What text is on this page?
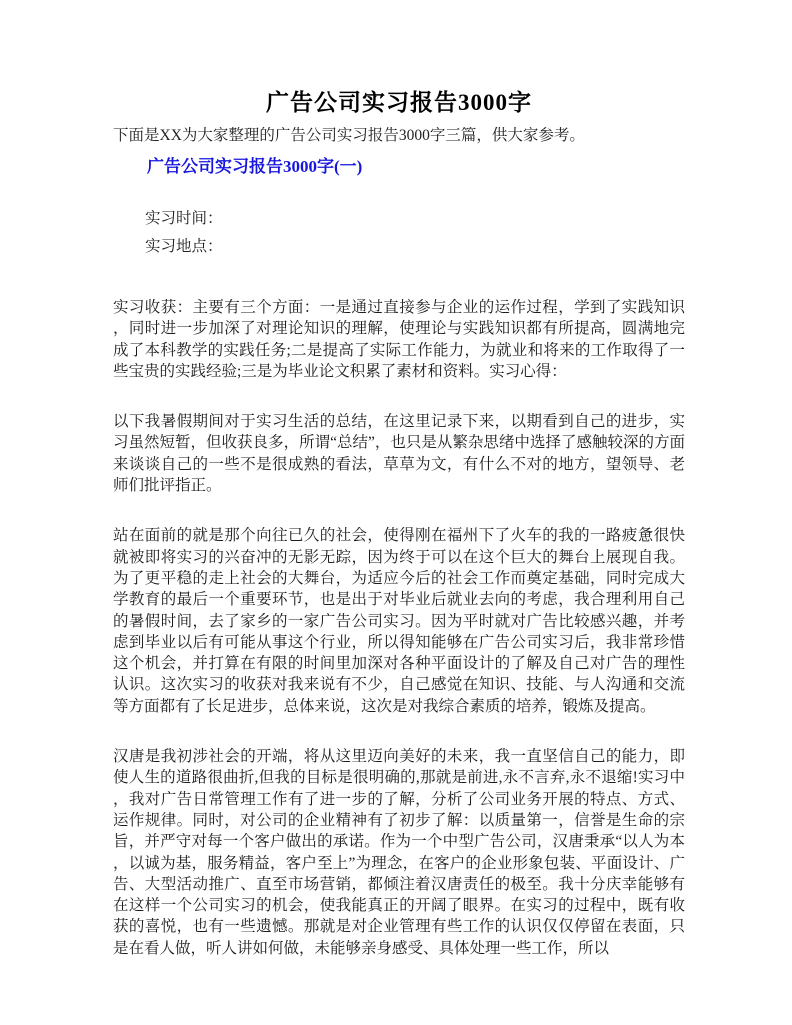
广告公司实习报告3000字

下面是XX为大家整理的广告公司实习报告3000字三篇，供大家参考。

广告公司实习报告3000字(一)

实习时间：

实习地点：

实习收获：主要有三个方面：一是通过直接参与企业的运作过程，学到了实践知识，同时进一步加深了对理论知识的理解，使理论与实践知识都有所提高，圆满地完成了本科教学的实践任务;二是提高了实际工作能力，为就业和将来的工作取得了一些宝贵的实践经验;三是为毕业论文积累了素材和资料。实习心得：

以下我暑假期间对于实习生活的总结，在这里记录下来，以期看到自己的进步，实习虽然短暂，但收获良多，所谓“总结”，也只是从繁杂思绪中选择了感触较深的方面来谈谈自己的一些不是很成熟的看法，草草为文，有什么不对的地方，望领导、老师们批评指正。

站在面前的就是那个向往已久的社会，使得刚在福州下了火车的我的一路疲惫很快就被即将实习的兴奋冲的无影无踪，因为终于可以在这个巨大的舞台上展现自我。为了更平稳的走上社会的大舞台，为适应今后的社会工作而奠定基础，同时完成大学教育的最后一个重要环节，也是出于对毕业后就业去向的考虑，我合理利用自己的暑假时间，去了家乡的一家广告公司实习。因为平时就对广告比较感兴趣，并考虑到毕业以后有可能从事这个行业，所以得知能够在广告公司实习后，我非常珍惜这个机会，并打算在有限的时间里加深对各种平面设计的了解及自己对广告的理性认识。这次实习的收获对我来说有不少，自己感觉在知识、技能、与人沟通和交流等方面都有了长足进步，总体来说，这次是对我综合素质的培养，锻炼及提高。

汉唐是我初涉社会的开端，将从这里迈向美好的未来，我一直坚信自己的能力，即使人生的道路很曲折,但我的目标是很明确的,那就是前进,永不言弃,永不退缩!实习中，我对广告日常管理工作有了进一步的了解，分析了公司业务开展的特点、方式、运作规律。同时，对公司的企业精神有了初步了解：以质量第一，信誉是生命的宗旨，并严守对每一个客户做出的承诺。作为一个中型广告公司，汉唐秉承“以人为本，以诚为基，服务精益，客户至上”为理念，在客户的企业形象包装、平面设计、广告、大型活动推广、直至市场营销，都倾注着汉唐责任的极至。我十分庆幸能够有在这样一个公司实习的机会，使我能真正的开阔了眼界。在实习的过程中，既有收获的喜悦，也有一些遗憾。那就是对企业管理有些工作的认识仅仅停留在表面，只是在看人做，听人讲如何做，未能够亲身感受、具体处理一些工作，所以
